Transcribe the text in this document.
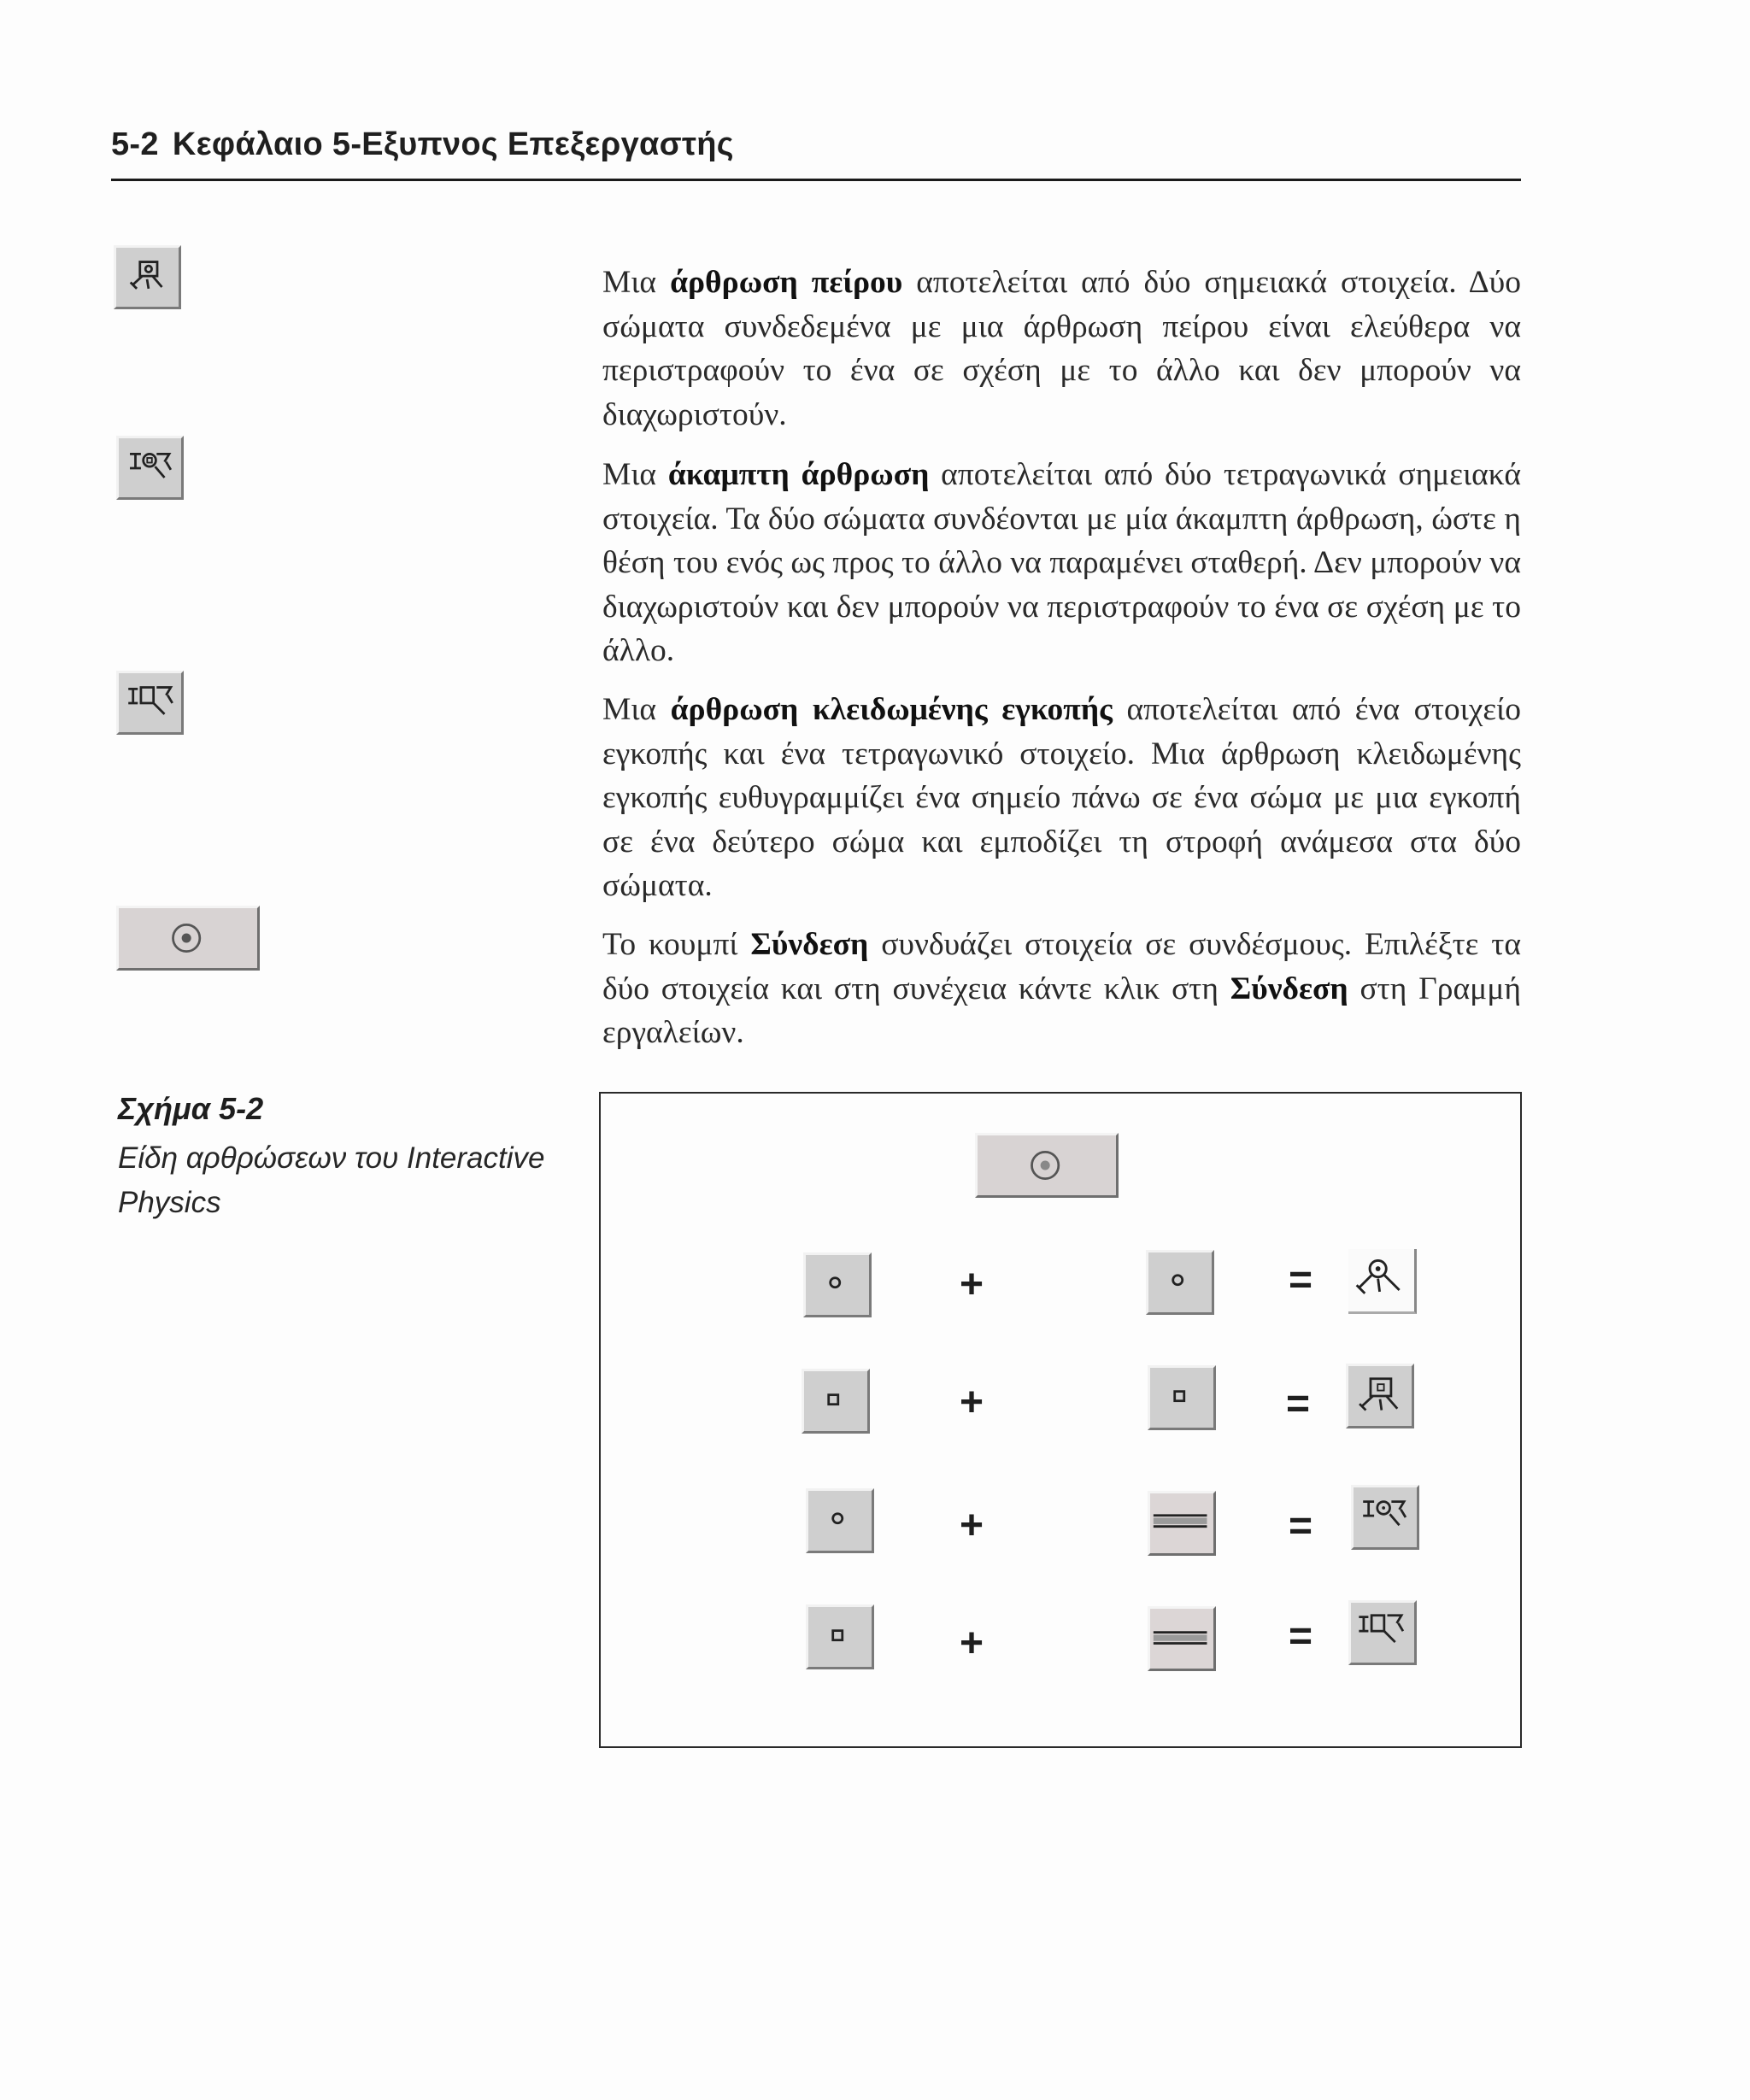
5-2 Κεφάλαιο 5-Εξυπνος Επεξεργαστής
Μια άρθρωση πείρου αποτελείται από δύο σημειακά στοιχεία. Δύο σώματα συνδεδεμένα με μια άρθρωση πείρου είναι ελεύθερα να περιστραφούν το ένα σε σχέση με το άλλο και δεν μπορούν να διαχωριστούν.
Μια άκαμπτη άρθρωση αποτελείται από δύο τετραγωνικά σημειακά στοιχεία. Τα δύο σώματα συνδέονται με μία άκαμπτη άρθρωση, ώστε η θέση του ενός ως προς το άλλο να παραμένει σταθερή. Δεν μπορούν να διαχωριστούν και δεν μπορούν να περιστραφούν το ένα σε σχέση με το άλλο.
Μια άρθρωση κλειδωμένης εγκοπής αποτελείται από ένα στοιχείο εγκοπής και ένα τετραγωνικό στοιχείο. Μια άρθρωση κλειδωμένης εγκοπής ευθυγραμμίζει ένα σημείο πάνω σε ένα σώμα με μια εγκοπή σε ένα δεύτερο σώμα και εμποδίζει τη στροφή ανάμεσα στα δύο σώματα.
Το κουμπί Σύνδεση συνδυάζει στοιχεία σε συνδέσμους. Επιλέξτε τα δύο στοιχεία και στη συνέχεια κάντε κλικ στη Σύνδεση στη Γραμμή εργαλείων.
Σχήμα 5-2
Είδη αρθρώσεων του Interactive Physics
+	=
+	=
+	=
+	=
